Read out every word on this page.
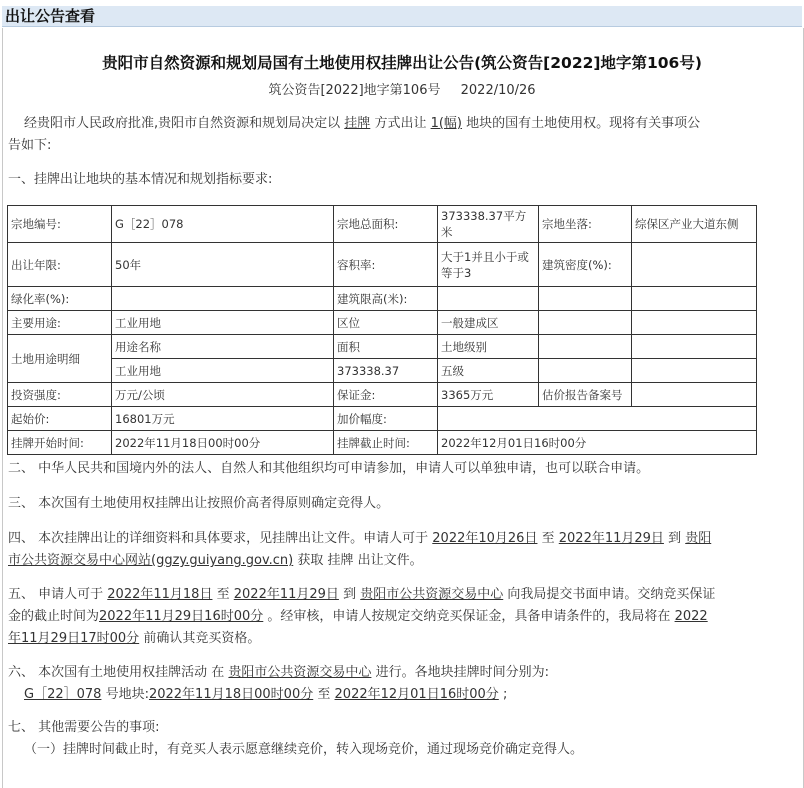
出让公告查看
贵阳市自然资源和规划局国有土地使用权挂牌出让公告(筑公资告[2022]地字第106号)
筑公资告[2022]地字第106号 2022/10/26

经贵阳市人民政府批准,贵阳市自然资源和规划局决定以 挂牌 方式出让 1(幅) 地块的国有土地使用权。现将有关事项公
告如下:

一、挂牌出让地块的基本情况和规划指标要求:

宗地编号:	G［22］078	宗地总面积:	373338.37平方米	宗地坐落:	综保区产业大道东侧
出让年限:	50年	容积率:	大于1并且小于或等于3	建筑密度(%):	
绿化率(%):		建筑限高(米):			
主要用途:	工业用地	区位	一般建成区		
土地用途明细	用途名称	面积	土地级别		
	工业用地	373338.37	五级		
投资强度:	万元/公顷	保证金:	3365万元	估价报告备案号	
起始价:	16801万元	加价幅度:			
挂牌开始时间:	2022年11月18日00时00分	挂牌截止时间:	2022年12月01日16时00分		

二、 中华人民共和国境内外的法人、自然人和其他组织均可申请参加，申请人可以单独申请，也可以联合申请。

三、 本次国有土地使用权挂牌出让按照价高者得原则确定竞得人。

四、 本次挂牌出让的详细资料和具体要求，见挂牌出让文件。申请人可于 2022年10月26日 至 2022年11月29日 到 贵阳
市公共资源交易中心网站(ggzy.guiyang.gov.cn) 获取 挂牌 出让文件。

五、 申请人可于 2022年11月18日 至 2022年11月29日 到 贵阳市公共资源交易中心 向我局提交书面申请。交纳竞买保证
金的截止时间为2022年11月29日16时00分 。经审核，申请人按规定交纳竞买保证金，具备申请条件的，我局将在 2022
年11月29日17时00分 前确认其竞买资格。

六、 本次国有土地使用权挂牌活动 在 贵阳市公共资源交易中心 进行。各地块挂牌时间分别为:
G［22］078 号地块:2022年11月18日00时00分 至 2022年12月01日16时00分 ;

七、 其他需要公告的事项:
（一）挂牌时间截止时，有竞买人表示愿意继续竞价，转入现场竞价，通过现场竞价确定竞得人。
